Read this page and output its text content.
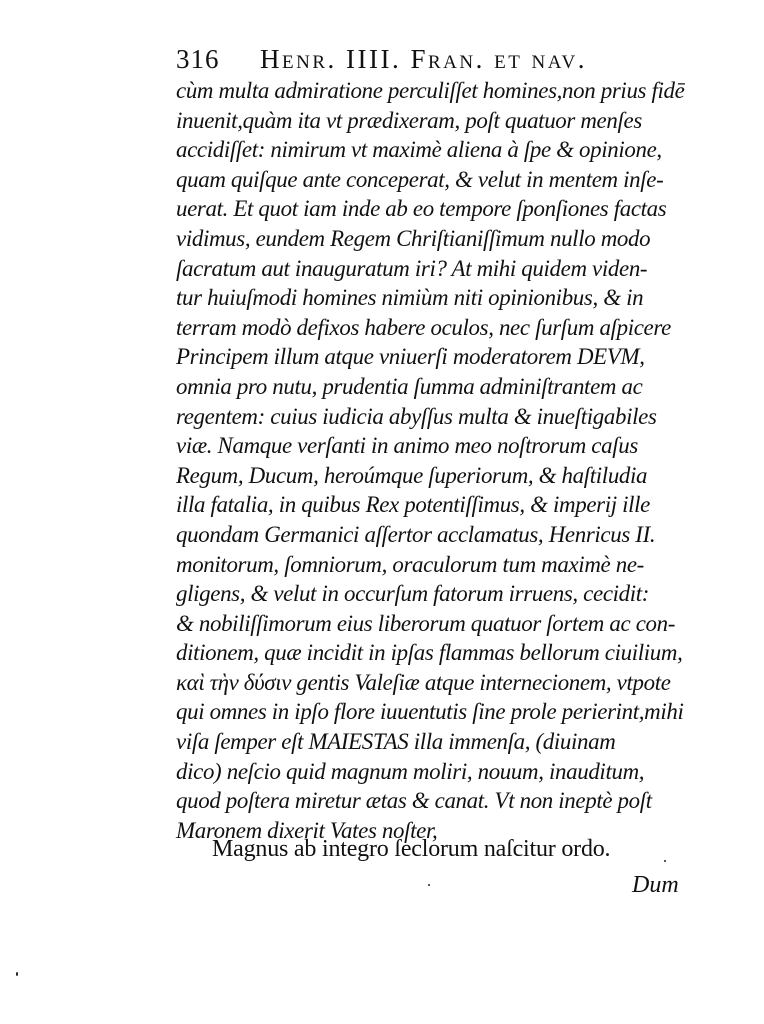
316 Henr. IIII. Fran. et nav.
cùm multa admiratione perculiſſet homines,non prius fidē
inuenit,quàm ita vt prædixeram, poſt quatuor menſes
accidiſſet: nimirum vt maximè aliena à ſpe & opinione,
quam quiſque ante conceperat, & velut in mentem inſe-
uerat. Et quot iam inde ab eo tempore ſponſiones factas
vidimus, eundem Regem Chriſtianiſſimum nullo modo
ſacratum aut inauguratum iri? At mihi quidem viden-
tur huiuſmodi homines nimiùm niti opinionibus, & in
terram modò defixos habere oculos, nec ſurſum aſpicere
Principem illum atque vniuerſi moderatorem DEVM,
omnia pro nutu, prudentia ſumma adminiſtrantem ac
regentem: cuius iudicia abyſſus multa & inueſtigabiles
viæ. Namque verſanti in animo meo noſtrorum caſus
Regum, Ducum, heroúmque ſuperiorum, & haſtiludia
illa fatalia, in quibus Rex potentiſſimus, & imperij ille
quondam Germanici aſſertor acclamatus, Henricus II.
monitorum, ſomniorum, oraculorum tum maximè ne-
gligens, & velut in occurſum fatorum irruens, cecidit:
& nobiliſſimorum eius liberorum quatuor ſortem ac con-
ditionem, quæ incidit in ipſas flammas bellorum ciuilium,
καὶ τὴν δύσιν gentis Valeſiæ atque internecionem, vtpote
qui omnes in ipſo flore iuuentutis ſine prole perierint,mihi
viſa ſemper eſt MAIESTAS illa immenſa, (diuinam
dico) neſcio quid magnum moliri, nouum, inauditum,
quod poſtera miretur ætas & canat. Vt non ineptè poſt
Maronem dixerit Vates noſter,
Magnus ab integro ſeclorum naſcitur ordo.
Dum
